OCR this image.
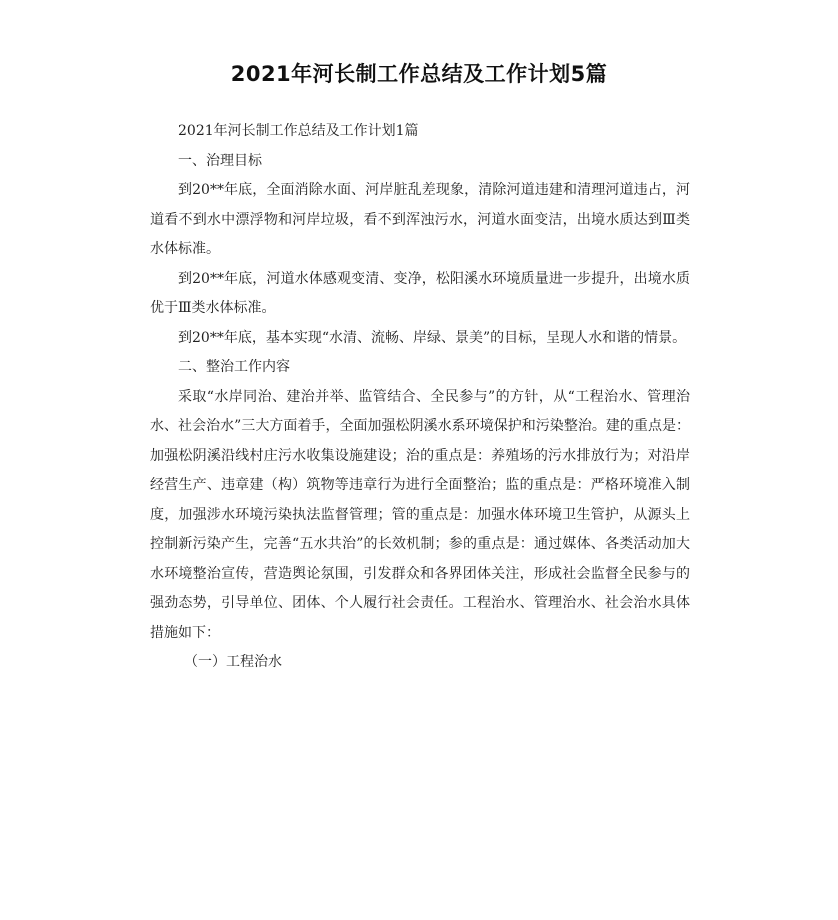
2021年河长制工作总结及工作计划5篇

2021年河长制工作总结及工作计划1篇

一、治理目标

到20**年底，全面消除水面、河岸脏乱差现象，清除河道违建和清理河道违占，河道看不到水中漂浮物和河岸垃圾，看不到浑浊污水，河道水面变洁，出境水质达到Ⅲ类水体标准。

到20**年底，河道水体感观变清、变净，松阳溪水环境质量进一步提升，出境水质优于Ⅲ类水体标准。

到20**年底，基本实现“水清、流畅、岸绿、景美”的目标，呈现人水和谐的情景。

二、整治工作内容

采取“水岸同治、建治并举、监管结合、全民参与”的方针，从“工程治水、管理治水、社会治水”三大方面着手，全面加强松阴溪水系环境保护和污染整治。建的重点是：加强松阴溪沿线村庄污水收集设施建设；治的重点是：养殖场的污水排放行为；对沿岸经营生产、违章建（构）筑物等违章行为进行全面整治；监的重点是：严格环境准入制度，加强涉水环境污染执法监督管理；管的重点是：加强水体环境卫生管护，从源头上控制新污染产生，完善“五水共治”的长效机制；参的重点是：通过媒体、各类活动加大水环境整治宣传，营造舆论氛围，引发群众和各界团体关注，形成社会监督全民参与的强劲态势，引导单位、团体、个人履行社会责任。工程治水、管理治水、社会治水具体措施如下：

（一）工程治水
